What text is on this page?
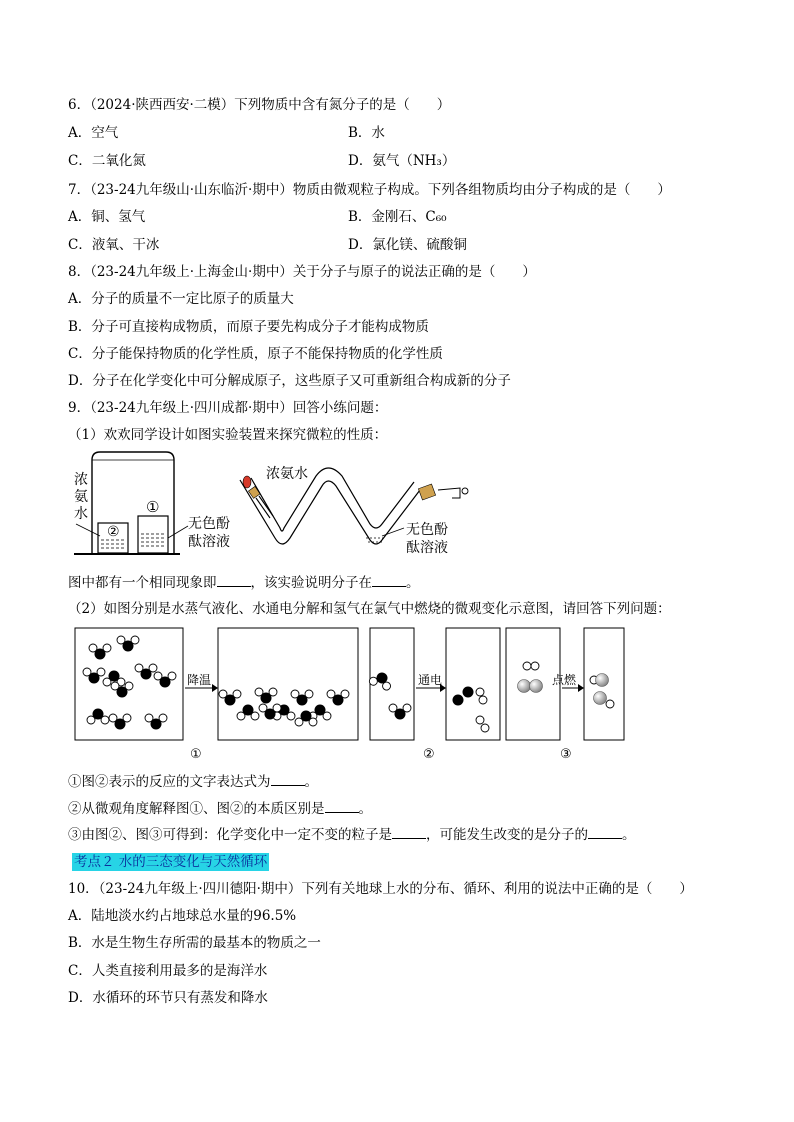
6．（2024·陕西西安·二模）下列物质中含有氮分子的是（　　）
A．空气	B．水
C．二氧化氮	D．氨气（NH₃）
7．（23-24九年级山·山东临沂·期中）物质由微观粒子构成。下列各组物质均由分子构成的是（　　）
A．铜、氢气	B．金刚石、C₆₀
C．液氧、干冰	D．氯化镁、硫酸铜
8．（23-24九年级上·上海金山·期中）关于分子与原子的说法正确的是（　　）
A．分子的质量不一定比原子的质量大
B．分子可直接构成物质，而原子要先构成分子才能构成物质
C．分子能保持物质的化学性质，原子不能保持物质的化学性质
D．分子在化学变化中可分解成原子，这些原子又可重新组合构成新的分子
9．（23-24九年级上·四川成都·期中）回答小练问题：
（1）欢欢同学设计如图实验装置来探究微粒的性质：
浓
氨
水	①
②	无色酚
酞溶液
浓氨水
无色酚
酞溶液
图中都有一个相同现象即	，该实验说明分子在	。
（2）如图分别是水蒸气液化、水通电分解和氢气在氯气中燃烧的微观变化示意图，请回答下列问题：
降温	通电	点燃
①	②	③
①图②表示的反应的文字表达式为	。
②从微观角度解释图①、图②的本质区别是	。
③由图②、图③可得到：化学变化中一定不变的粒子是	，可能发生改变的是分子的	。
考点２ 水的三态变化与天然循环
10．（23-24九年级上·四川德阳·期中）下列有关地球上水的分布、循环、利用的说法中正确的是（　　）
A．陆地淡水约占地球总水量的96.5%
B．水是生物生存所需的最基本的物质之一
C．人类直接利用最多的是海洋水
D．水循环的环节只有蒸发和降水
